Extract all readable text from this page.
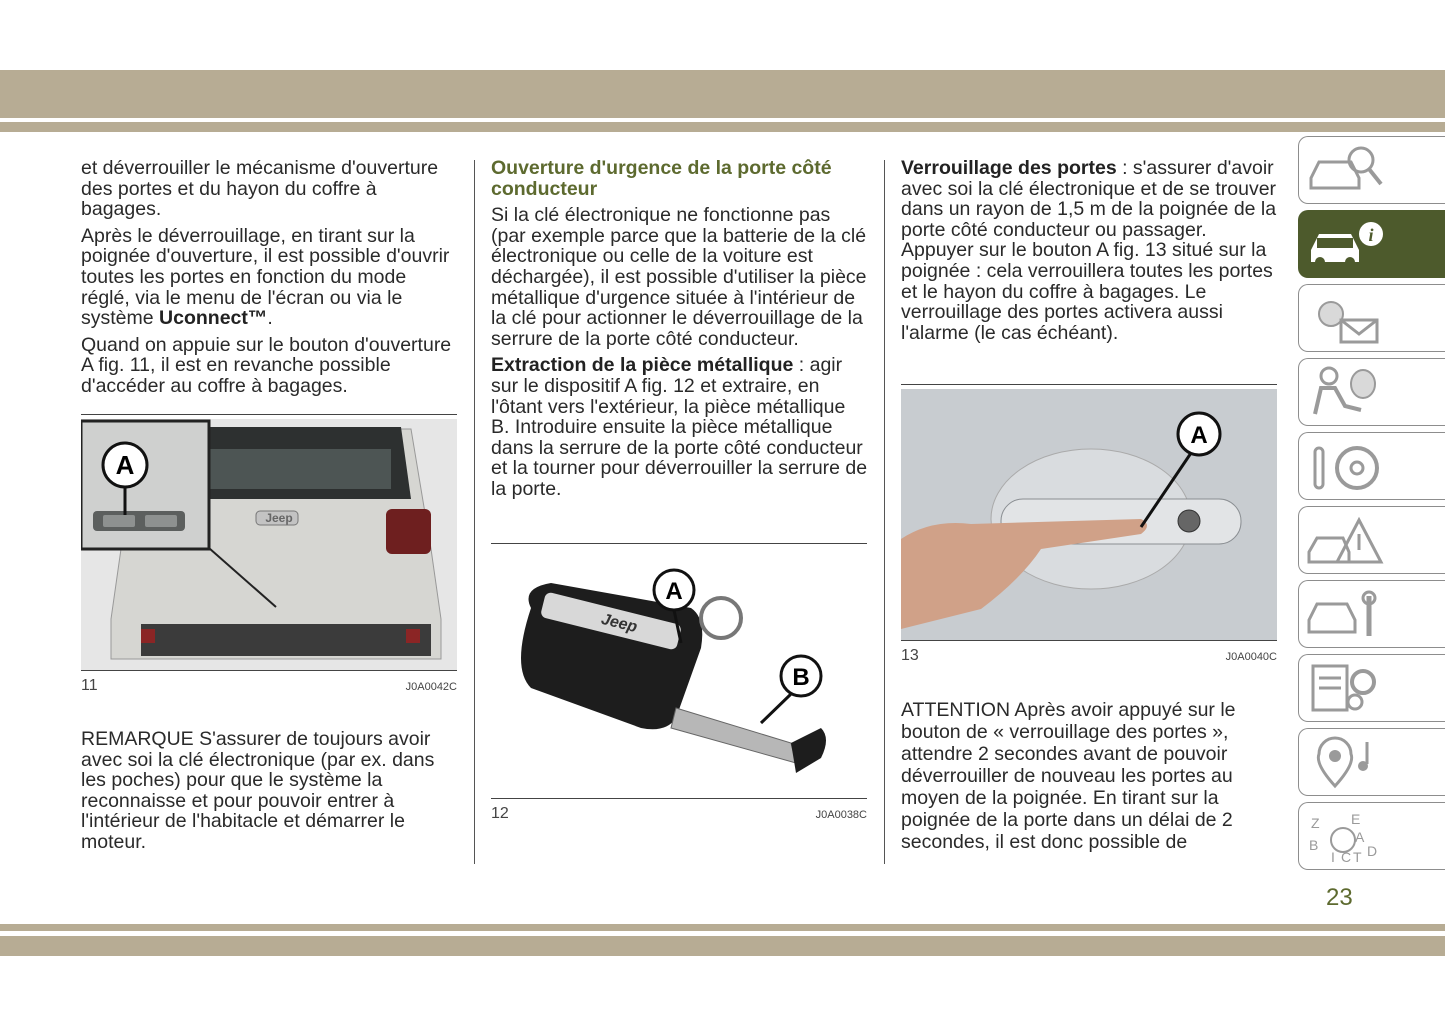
et déverrouiller le mécanisme d'ouverture des portes et du hayon du coffre à bagages.

Après le déverrouillage, en tirant sur la poignée d'ouverture, il est possible d'ouvrir toutes les portes en fonction du mode réglé, via le menu de l'écran ou via le système Uconnect™.

Quand on appuie sur le bouton d'ouverture A fig. 11, il est en revanche possible d'accéder au coffre à bagages.

REMARQUE S'assurer de toujours avoir avec soi la clé électronique (par ex. dans les poches) pour que le système la reconnaisse et pour pouvoir entrer à l'intérieur de l'habitacle et démarrer le moteur.
A
Jeep
11	J0A0042C

Ouverture d'urgence de la porte côté conducteur

Si la clé électronique ne fonctionne pas (par exemple parce que la batterie de la clé électronique ou celle de la voiture est déchargée), il est possible d'utiliser la pièce métallique d'urgence située à l'intérieur de la clé pour actionner le déverrouillage de la serrure de la porte côté conducteur.

Extraction de la pièce métallique : agir sur le dispositif A fig. 12 et extraire, en l'ôtant vers l'extérieur, la pièce métallique B. Introduire ensuite la pièce métallique dans la serrure de la porte côté conducteur et la tourner pour déverrouiller la serrure de la porte.

A
B
Jeep
12	J0A0038C

Verrouillage des portes : s'assurer d'avoir avec soi la clé électronique et de se trouver dans un rayon de 1,5 m de la poignée de la porte côté conducteur ou passager. Appuyer sur le bouton A fig. 13 situé sur la poignée : cela verrouillera toutes les portes et le hayon du coffre à bagages. Le verrouillage des portes activera aussi l'alarme (le cas échéant).

A
13	J0A0040C
ATTENTION Après avoir appuyé sur le bouton de « verrouillage des portes », attendre 2 secondes avant de pouvoir déverrouiller de nouveau les portes au moyen de la poignée. En tirant sur la poignée de la porte dans un délai de 2 secondes, il est donc possible de
i
Z E
A
B
I C T D
23
